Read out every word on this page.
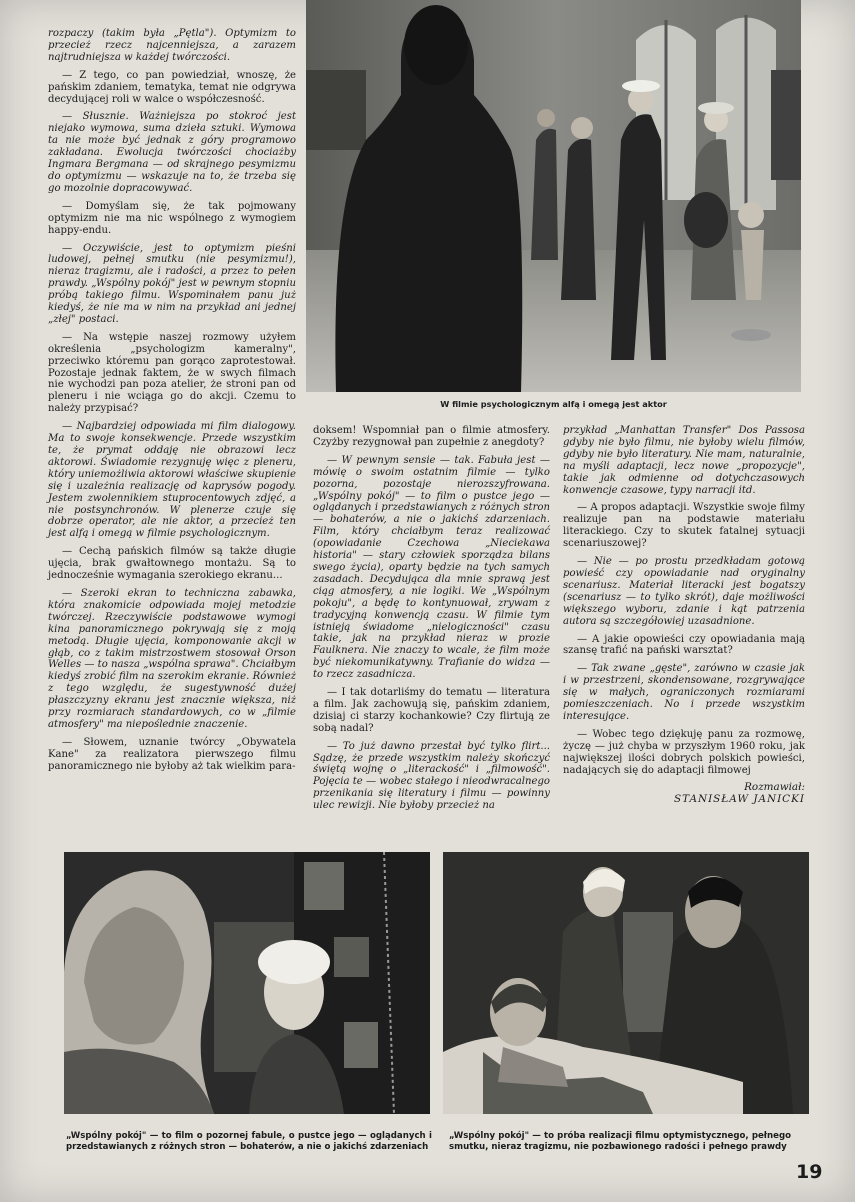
rozpaczy (takim była „Pętla"). Optymizm to przecież rzecz najcenniejsza, a zarazem najtrudniejsza w każdej twórczości.

— Z tego, co pan powiedział, wnoszę, że pańskim zdaniem, tematyka, temat nie odgrywa decydującej roli w walce o współczesność.

— Słusznie. Ważniejsza po stokroć jest niejako wymowa, suma dzieła sztuki. Wymowa ta nie może być jednak z góry programowo zakładana. Ewolucja twórczości chociażby Ingmara Bergmana — od skrajnego pesymizmu do optymizmu — wskazuje na to, że trzeba się go mozolnie dopracowywać.

— Domyślam się, że tak pojmowany optymizm nie ma nic wspólnego z wymogiem happy-endu.

— Oczywiście, jest to optymizm pieśni ludowej, pełnej smutku (nie pesymizmu!), nieraz tragizmu, ale i radości, a przez to pełen prawdy. „Wspólny pokój" jest w pewnym stopniu próbą takiego filmu. Wspominałem panu już kiedyś, że nie ma w nim na przykład ani jednej „złej" postaci.

— Na wstępie naszej rozmowy użyłem określenia „psychologizm kameralny", przeciwko któremu pan gorąco zaprotestował. Pozostaje jednak faktem, że w swych filmach nie wychodzi pan poza atelier, że stroni pan od pleneru i nie wciąga go do akcji. Czemu to należy przypisać?

— Najbardziej odpowiada mi film dialogowy. Ma to swoje konsekwencje. Przede wszystkim te, że prymat oddaję nie obrazowi lecz aktorowi. Świadomie rezygnuję więc z pleneru, który uniemożliwia aktorowi właściwe skupienie się i uzależnia realizację od kaprysów pogody. Jestem zwolennikiem stuprocentowych zdjęć, a nie postsynchronów. W plenerze czuje się dobrze operator, ale nie aktor, a przecież ten jest alfą i omegą w filmie psychologicznym.

— Cechą pańskich filmów są także długie ujęcia, brak gwałtownego montażu. Są to jednocześnie wymagania szerokiego ekranu...

— Szeroki ekran to techniczna zabawka, która znakomicie odpowiada mojej metodzie twórczej. Rzeczywiście podstawowe wymogi kina panoramicznego pokrywają się z moją metodą. Długie ujęcia, komponowanie akcji w głąb, co z takim mistrzostwem stosował Orson Welles — to nasza „wspólna sprawa". Chciałbym kiedyś zrobić film na szerokim ekranie. Również z tego względu, że sugestywność dużej płaszczyzny ekranu jest znacznie większa, niż przy rozmiarach standardowych, co w „filmie atmosfery" ma niepoślednie znaczenie.

— Słowem, uznanie twórcy „Obywatela Kane" za realizatora pierwszego filmu panoramicznego nie byłoby aż tak wielkim para-

doksem! Wspomniał pan o filmie atmosfery. Czyżby rezygnował pan zupełnie z anegdoty?

— W pewnym sensie — tak. Fabuła jest — mówię o swoim ostatnim filmie — tylko pozorna, pozostaje nierozszyfrowana. „Wspólny pokój" — to film o pustce jego — oglądanych i przedstawianych z różnych stron — bohaterów, a nie o jakichś zdarzeniach. Film, który chciałbym teraz realizować (opowiadanie Czechowa „Nieciekawa historia" — stary człowiek sporządza bilans swego życia), oparty będzie na tych samych zasadach. Decydująca dla mnie sprawą jest ciąg atmosfery, a nie logiki. We „Wspólnym pokoju", a będę to kontynuował, zrywam z tradycyjną konwencją czasu. W filmie tym istnieją świadome „nielogiczności" czasu takie, jak na przykład nieraz w prozie Faulknera. Nie znaczy to wcale, że film może być niekomunikatywny. Trafianie do widza — to rzecz zasadnicza.

— I tak dotarliśmy do tematu — literatura a film. Jak zachowują się, pańskim zdaniem, dzisiaj ci starzy kochankowie? Czy flirtują ze sobą nadal?

— To już dawno przestał być tylko flirt... Sądzę, że przede wszystkim należy skończyć świętą wojnę o „literackość" i „filmowość". Pojęcia te — wobec stałego i nieodwracalnego przenikania się literatury i filmu — powinny ulec rewizji. Nie byłoby przecież na

przykład „Manhattan Transfer" Dos Passosa gdyby nie było filmu, nie byłoby wielu filmów, gdyby nie było literatury. Nie mam, naturalnie, na myśli adaptacji, lecz nowe „propozycje", takie jak odmienne od dotychczasowych konwencje czasowe, typy narracji itd.

— A propos adaptacji. Wszystkie swoje filmy realizuje pan na podstawie materiału literackiego. Czy to skutek fatalnej sytuacji scenariuszowej?

— Nie — po prostu przedkładam gotową powieść czy opowiadanie nad oryginalny scenariusz. Materiał literacki jest bogatszy (scenariusz — to tylko skrót), daje możliwości większego wyboru, zdanie i kąt patrzenia autora są szczegółowiej uzasadnione.

— A jakie opowieści czy opowiadania mają szansę trafić na pański warsztat?

— Tak zwane „gęste", zarówno w czasie jak i w przestrzeni, skondensowane, rozgrywające się w małych, ograniczonych rozmiarami pomieszczeniach. No i przede wszystkim interesujące.

— Wobec tego dziękuję panu za rozmowę, życzę — już chyba w przyszłym 1960 roku, jak największej ilości dobrych polskich powieści, nadających się do adaptacji filmowej

Rozmawiał:
STANISŁAW JANICKI
W filmie psychologicznym alfą i omegą jest aktor
„Wspólny pokój" — to film o pozornej fabule, o pustce jego — oglądanych i przedstawianych z różnych stron — bohaterów, a nie o jakichś zdarzeniach
„Wspólny pokój" — to próba realizacji filmu optymistycznego, pełnego smutku, nieraz tragizmu, nie pozbawionego radości i pełnego prawdy
19
